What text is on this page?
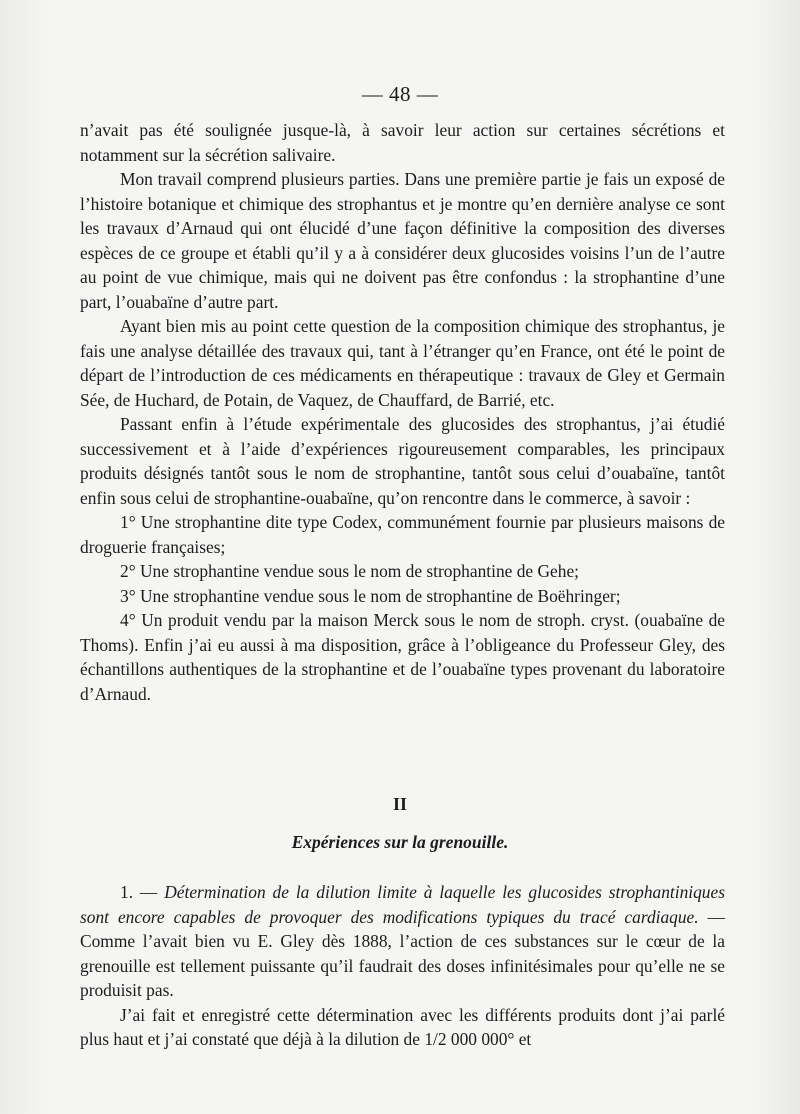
— 48 —

n’avait pas été soulignée jusque-là, à savoir leur action sur certaines sécrétions et notamment sur la sécrétion salivaire.

Mon travail comprend plusieurs parties. Dans une première partie je fais un exposé de l’histoire botanique et chimique des strophantus et je montre qu’en dernière analyse ce sont les travaux d’Arnaud qui ont élucidé d’une façon définitive la composition des diverses espèces de ce groupe et établi qu’il y a à considérer deux glucosides voisins l’un de l’autre au point de vue chimique, mais qui ne doivent pas être confondus : la strophantine d’une part, l’ouabaïne d’autre part.

Ayant bien mis au point cette question de la composition chimique des strophantus, je fais une analyse détaillée des travaux qui, tant à l’étranger qu’en France, ont été le point de départ de l’introduction de ces médicaments en thérapeutique : travaux de Gley et Germain Sée, de Huchard, de Potain, de Vaquez, de Chauffard, de Barrié, etc.

Passant enfin à l’étude expérimentale des glucosides des strophantus, j’ai étudié successivement et à l’aide d’expériences rigoureusement comparables, les principaux produits désignés tantôt sous le nom de strophantine, tantôt sous celui d’ouabaïne, tantôt enfin sous celui de strophantine-ouabaïne, qu’on rencontre dans le commerce, à savoir :

1° Une strophantine dite type Codex, communément fournie par plusieurs maisons de droguerie françaises;

2° Une strophantine vendue sous le nom de strophantine de Gehe;

3° Une strophantine vendue sous le nom de strophantine de Boëhringer;

4° Un produit vendu par la maison Merck sous le nom de stroph. cryst. (ouabaïne de Thoms). Enfin j’ai eu aussi à ma disposition, grâce à l’obligeance du Professeur Gley, des échantillons authentiques de la strophantine et de l’ouabaïne types provenant du laboratoire d’Arnaud.

II
Expériences sur la grenouille.

1. — Détermination de la dilution limite à laquelle les glucosides strophantiniques sont encore capables de provoquer des modifications typiques du tracé cardiaque. — Comme l’avait bien vu E. Gley dès 1888, l’action de ces substances sur le cœur de la grenouille est tellement puissante qu’il faudrait des doses infinitésimales pour qu’elle ne se produisit pas.

J’ai fait et enregistré cette détermination avec les différents produits dont j’ai parlé plus haut et j’ai constaté que déjà à la dilution de 1/2 000 000° et
